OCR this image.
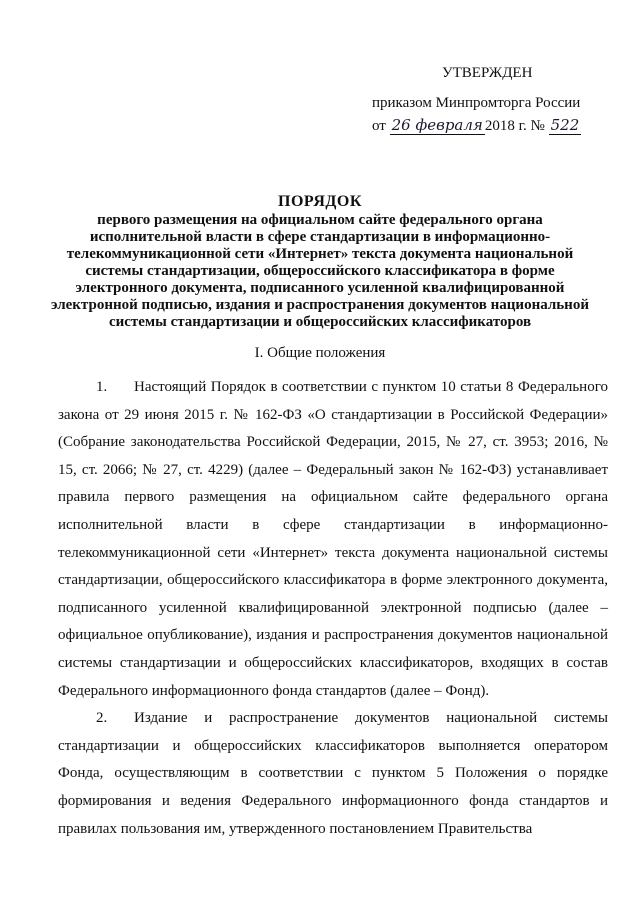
УТВЕРЖДЕН
приказом Минпромторга России
от 26 февраля 2018 г. № 522
ПОРЯДОК
первого размещения на официальном сайте федерального органа исполнительной власти в сфере стандартизации в информационно-телекоммуникационной сети «Интернет» текста документа национальной системы стандартизации, общероссийского классификатора в форме электронного документа, подписанного усиленной квалифицированной электронной подписью, издания и распространения документов национальной системы стандартизации и общероссийских классификаторов
I. Общие положения

1. Настоящий Порядок в соответствии с пунктом 10 статьи 8 Федерального закона от 29 июня 2015 г. № 162-ФЗ «О стандартизации в Российской Федерации» (Собрание законодательства Российской Федерации, 2015, № 27, ст. 3953; 2016, № 15, ст. 2066; № 27, ст. 4229) (далее – Федеральный закон № 162-ФЗ) устанавливает правила первого размещения на официальном сайте федерального органа исполнительной власти в сфере стандартизации в информационно-телекоммуникационной сети «Интернет» текста документа национальной системы стандартизации, общероссийского классификатора в форме электронного документа, подписанного усиленной квалифицированной электронной подписью (далее – официальное опубликование), издания и распространения документов национальной системы стандартизации и общероссийских классификаторов, входящих в состав Федерального информационного фонда стандартов (далее – Фонд).

2. Издание и распространение документов национальной системы стандартизации и общероссийских классификаторов выполняется оператором Фонда, осуществляющим в соответствии с пунктом 5 Положения о порядке формирования и ведения Федерального информационного фонда стандартов и правилах пользования им, утвержденного постановлением Правительства
